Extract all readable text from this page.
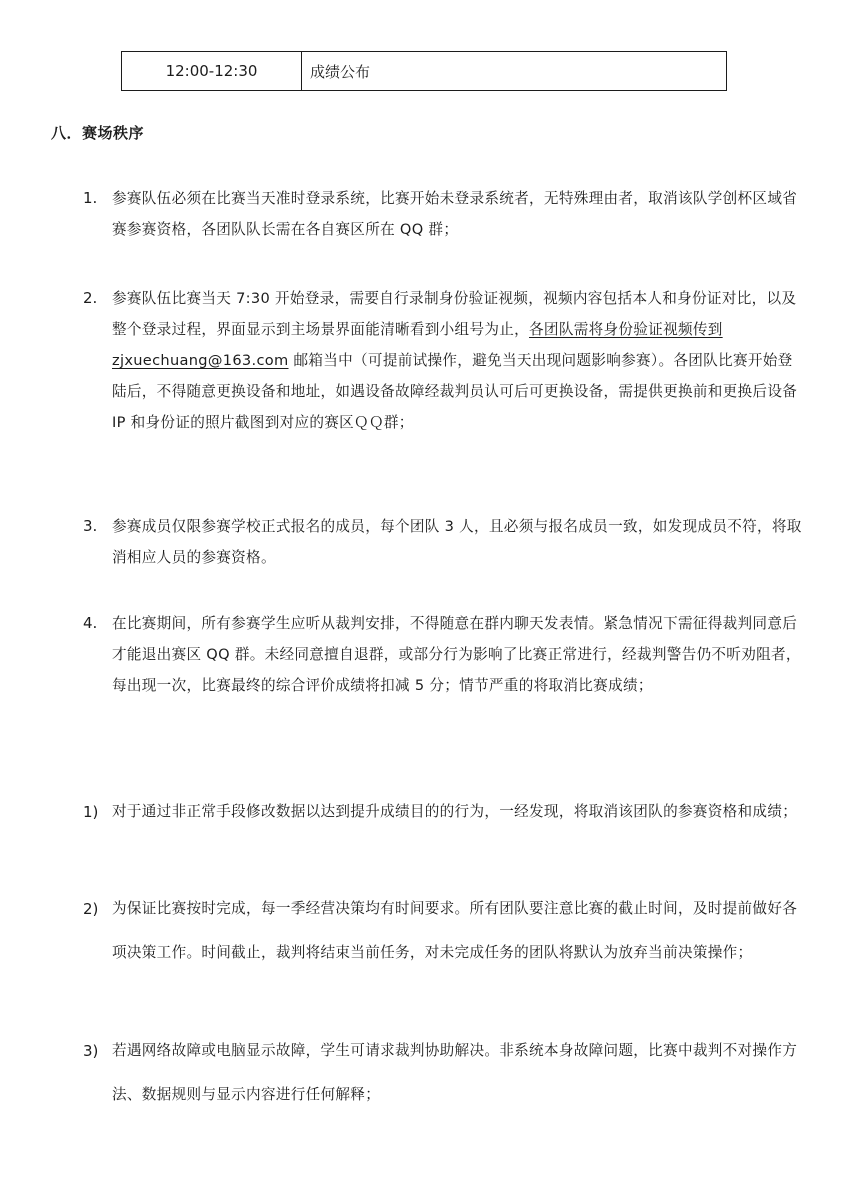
12:00-12:30	成绩公布
八．赛场秩序
1. 参赛队伍必须在比赛当天准时登录系统，比赛开始未登录系统者，无特殊理由者，取消该队学创杯区域省赛参赛资格，各团队队长需在各自赛区所在 QQ 群；
2. 参赛队伍比赛当天 7:30 开始登录，需要自行录制身份验证视频，视频内容包括本人和身份证对比，以及整个登录过程，界面显示到主场景界面能清晰看到小组号为止，各团队需将身份验证视频传到 zjxuechuang@163.com 邮箱当中（可提前试操作，避免当天出现问题影响参赛）。各团队比赛开始登陆后，不得随意更换设备和地址，如遇设备故障经裁判员认可后可更换设备，需提供更换前和更换后设备 IP 和身份证的照片截图到对应的赛区ＱＱ群；
3. 参赛成员仅限参赛学校正式报名的成员，每个团队 3 人，且必须与报名成员一致，如发现成员不符，将取消相应人员的参赛资格。
4. 在比赛期间，所有参赛学生应听从裁判安排，不得随意在群内聊天发表情。紧急情况下需征得裁判同意后才能退出赛区 QQ 群。未经同意擅自退群，或部分行为影响了比赛正常进行，经裁判警告仍不听劝阻者，每出现一次，比赛最终的综合评价成绩将扣减 5 分；情节严重的将取消比赛成绩；
1) 对于通过非正常手段修改数据以达到提升成绩目的的行为，一经发现，将取消该团队的参赛资格和成绩；
2) 为保证比赛按时完成，每一季经营决策均有时间要求。所有团队要注意比赛的截止时间，及时提前做好各项决策工作。时间截止，裁判将结束当前任务，对未完成任务的团队将默认为放弃当前决策操作；
3) 若遇网络故障或电脑显示故障，学生可请求裁判协助解决。非系统本身故障问题，比赛中裁判不对操作方法、数据规则与显示内容进行任何解释；
